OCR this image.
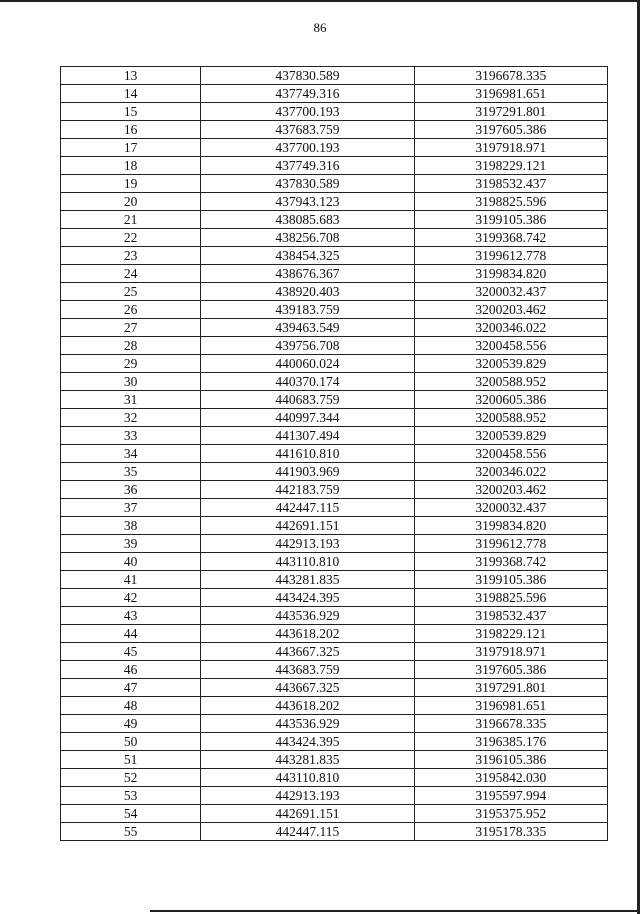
86
13	437830.589	3196678.335
14	437749.316	3196981.651
15	437700.193	3197291.801
16	437683.759	3197605.386
17	437700.193	3197918.971
18	437749.316	3198229.121
19	437830.589	3198532.437
20	437943.123	3198825.596
21	438085.683	3199105.386
22	438256.708	3199368.742
23	438454.325	3199612.778
24	438676.367	3199834.820
25	438920.403	3200032.437
26	439183.759	3200203.462
27	439463.549	3200346.022
28	439756.708	3200458.556
29	440060.024	3200539.829
30	440370.174	3200588.952
31	440683.759	3200605.386
32	440997.344	3200588.952
33	441307.494	3200539.829
34	441610.810	3200458.556
35	441903.969	3200346.022
36	442183.759	3200203.462
37	442447.115	3200032.437
38	442691.151	3199834.820
39	442913.193	3199612.778
40	443110.810	3199368.742
41	443281.835	3199105.386
42	443424.395	3198825.596
43	443536.929	3198532.437
44	443618.202	3198229.121
45	443667.325	3197918.971
46	443683.759	3197605.386
47	443667.325	3197291.801
48	443618.202	3196981.651
49	443536.929	3196678.335
50	443424.395	3196385.176
51	443281.835	3196105.386
52	443110.810	3195842.030
53	442913.193	3195597.994
54	442691.151	3195375.952
55	442447.115	3195178.335
